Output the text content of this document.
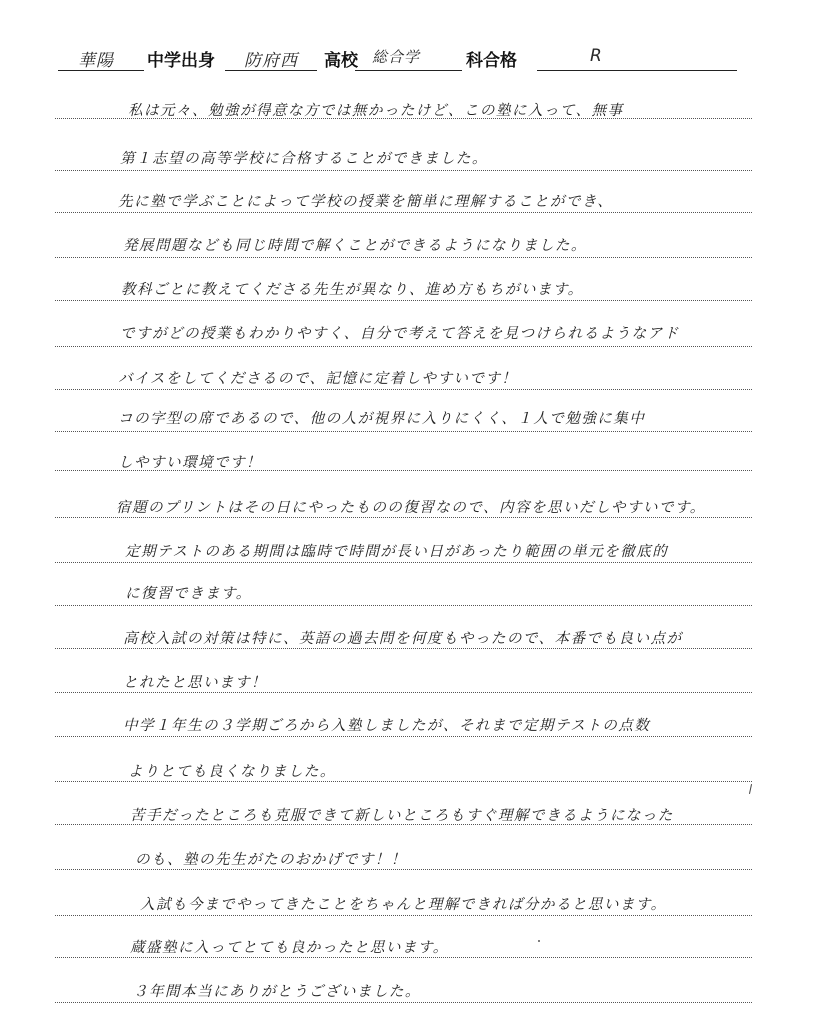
華陽 中学出身 防府西 高校 総合学	科合格	R
私は元々、勉強が得意な方では無かったけど、この塾に入って、無事
第１志望の高等学校に合格することができました。
先に塾で学ぶことによって学校の授業を簡単に理解することができ、
発展問題なども同じ時間で解くことができるようになりました。
教科ごとに教えてくださる先生が異なり、進め方もちがいます。
ですがどの授業もわかりやすく、自分で考えて答えを見つけられるようなアド
バイスをしてくださるので、記憶に定着しやすいです！
コの字型の席であるので、他の人が視界に入りにくく、１人で勉強に集中
しやすい環境です！
宿題のプリントはその日にやったものの復習なので、内容を思いだしやすいです。
定期テストのある期間は臨時で時間が長い日があったり範囲の単元を徹底的
に復習できます。
高校入試の対策は特に、英語の過去問を何度もやったので、本番でも良い点が
とれたと思います！
中学１年生の３学期ごろから入塾しましたが、それまで定期テストの点数
よりとても良くなりました。
苦手だったところも克服できて新しいところもすぐ理解できるようになった
のも、塾の先生がたのおかげです！！
入試も今までやってきたことをちゃんと理解できれば分かると思います。
蔵盛塾に入ってとても良かったと思います。
３年間本当にありがとうございました。
